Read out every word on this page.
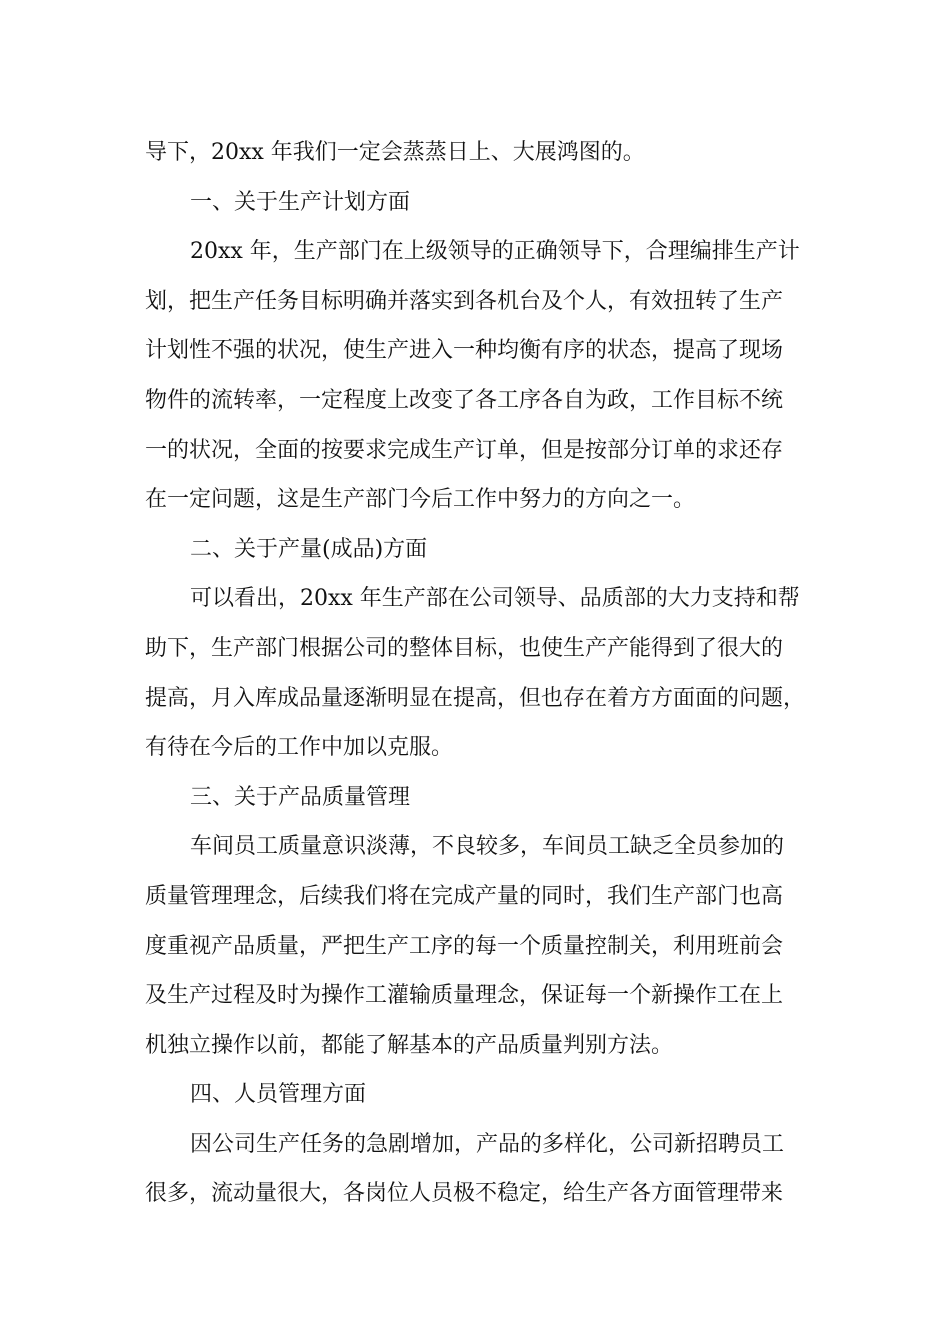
导下，20xx 年我们一定会蒸蒸日上、大展鸿图的。

一、关于生产计划方面

20xx 年，生产部门在上级领导的正确领导下，合理编排生产计

划，把生产任务目标明确并落实到各机台及个人，有效扭转了生产

计划性不强的状况，使生产进入一种均衡有序的状态，提高了现场

物件的流转率，一定程度上改变了各工序各自为政，工作目标不统

一的状况，全面的按要求完成生产订单，但是按部分订单的求还存

在一定问题，这是生产部门今后工作中努力的方向之一。

二、关于产量(成品)方面

可以看出，20xx 年生产部在公司领导、品质部的大力支持和帮

助下，生产部门根据公司的整体目标，也使生产产能得到了很大的

提高，月入库成品量逐渐明显在提高，但也存在着方方面面的问题，

有待在今后的工作中加以克服。

三、关于产品质量管理

车间员工质量意识淡薄，不良较多，车间员工缺乏全员参加的

质量管理理念，后续我们将在完成产量的同时，我们生产部门也高

度重视产品质量，严把生产工序的每一个质量控制关，利用班前会

及生产过程及时为操作工灌输质量理念，保证每一个新操作工在上

机独立操作以前，都能了解基本的产品质量判别方法。

四、人员管理方面

因公司生产任务的急剧增加，产品的多样化，公司新招聘员工

很多，流动量很大，各岗位人员极不稳定，给生产各方面管理带来
